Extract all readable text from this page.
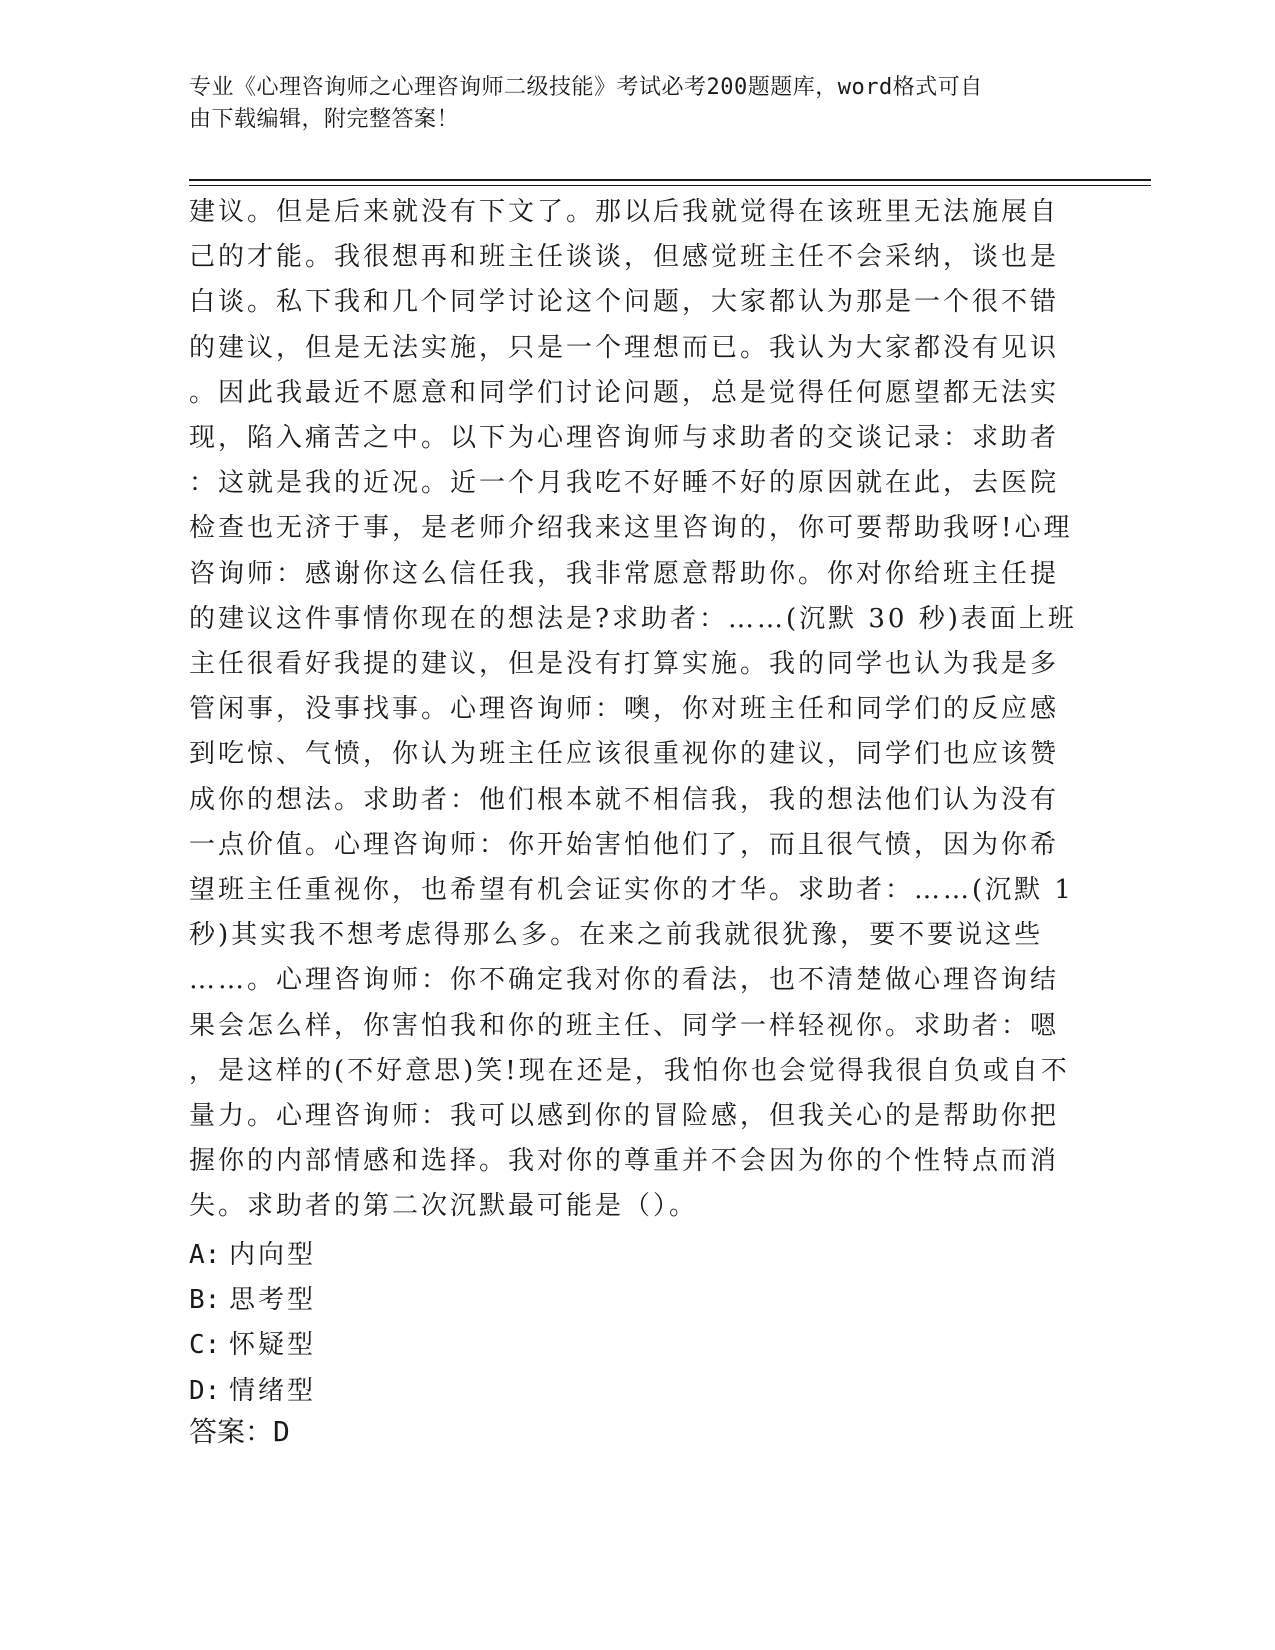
专业《心理咨询师之心理咨询师二级技能》考试必考200题题库，word格式可自
由下载编辑，附完整答案！
建议。但是后来就没有下文了。那以后我就觉得在该班里无法施展自
己的才能。我很想再和班主任谈谈，但感觉班主任不会采纳，谈也是
白谈。私下我和几个同学讨论这个问题，大家都认为那是一个很不错
的建议，但是无法实施，只是一个理想而已。我认为大家都没有见识
。因此我最近不愿意和同学们讨论问题，总是觉得任何愿望都无法实
现，陷入痛苦之中。以下为心理咨询师与求助者的交谈记录：求助者
：这就是我的近况。近一个月我吃不好睡不好的原因就在此，去医院
检查也无济于事，是老师介绍我来这里咨询的，你可要帮助我呀!心理
咨询师：感谢你这么信任我，我非常愿意帮助你。你对你给班主任提
的建议这件事情你现在的想法是?求助者：……(沉默 30 秒)表面上班
主任很看好我提的建议，但是没有打算实施。我的同学也认为我是多
管闲事，没事找事。心理咨询师：噢，你对班主任和同学们的反应感
到吃惊、气愤，你认为班主任应该很重视你的建议，同学们也应该赞
成你的想法。求助者：他们根本就不相信我，我的想法他们认为没有
一点价值。心理咨询师：你开始害怕他们了，而且很气愤，因为你希
望班主任重视你，也希望有机会证实你的才华。求助者：……(沉默 1
秒)其实我不想考虑得那么多。在来之前我就很犹豫，要不要说这些
……。心理咨询师：你不确定我对你的看法，也不清楚做心理咨询结
果会怎么样，你害怕我和你的班主任、同学一样轻视你。求助者：嗯
，是这样的(不好意思)笑!现在还是，我怕你也会觉得我很自负或自不
量力。心理咨询师：我可以感到你的冒险感，但我关心的是帮助你把
握你的内部情感和选择。我对你的尊重并不会因为你的个性特点而消
失。求助者的第二次沉默最可能是（）。
A: 内向型
B: 思考型
C: 怀疑型
D: 情绪型
答案：D
